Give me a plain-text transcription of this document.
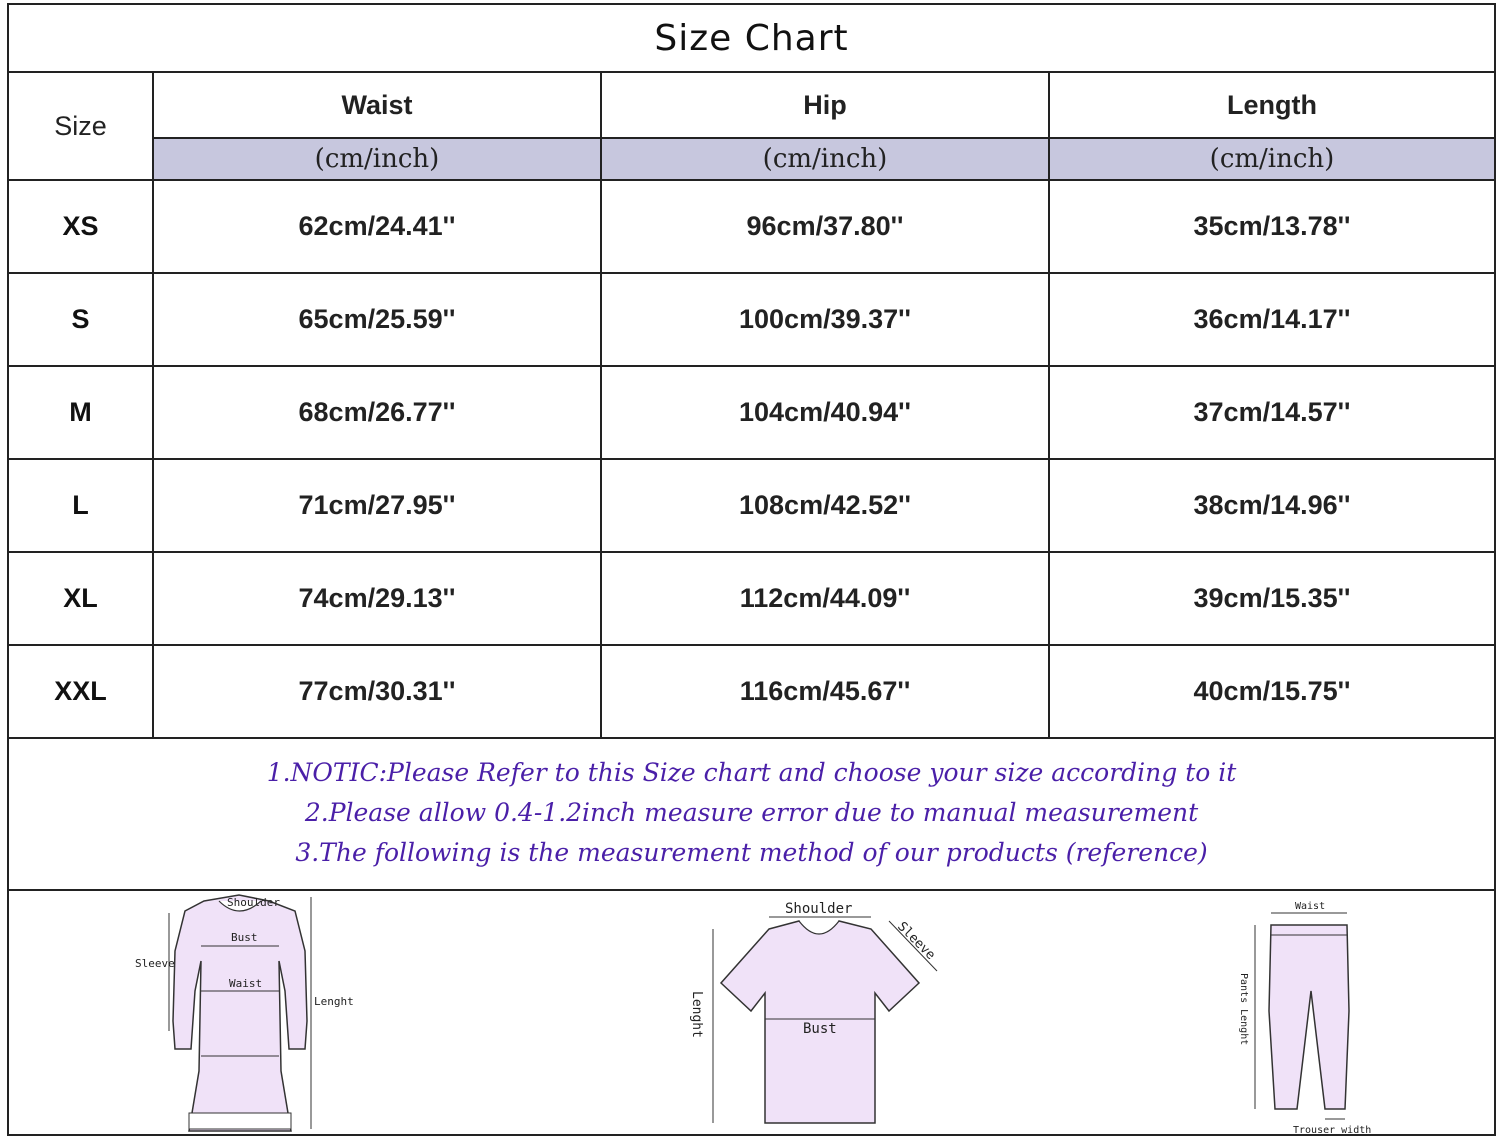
Size Chart
Size	Waist	Hip	Length
	(cm/inch)	(cm/inch)	(cm/inch)
XS	62cm/24.41''	96cm/37.80''	35cm/13.78''
S	65cm/25.59''	100cm/39.37''	36cm/14.17''
M	68cm/26.77''	104cm/40.94''	37cm/14.57''
L	71cm/27.95''	108cm/42.52''	38cm/14.96''
XL	74cm/29.13''	112cm/44.09''	39cm/15.35''
XXL	77cm/30.31''	116cm/45.67''	40cm/15.75''
1.NOTIC:Please Refer to this Size chart and choose your size according to it
2.Please allow 0.4-1.2inch measure error due to manual measurement
3.The following is the measurement method of our products (reference)
Shoulder
Bust
Sleeve
Waist
Lenght
Shoulder
Sleeve
Lenght	Bust
Waist
Pants Lenght
Trouser width
